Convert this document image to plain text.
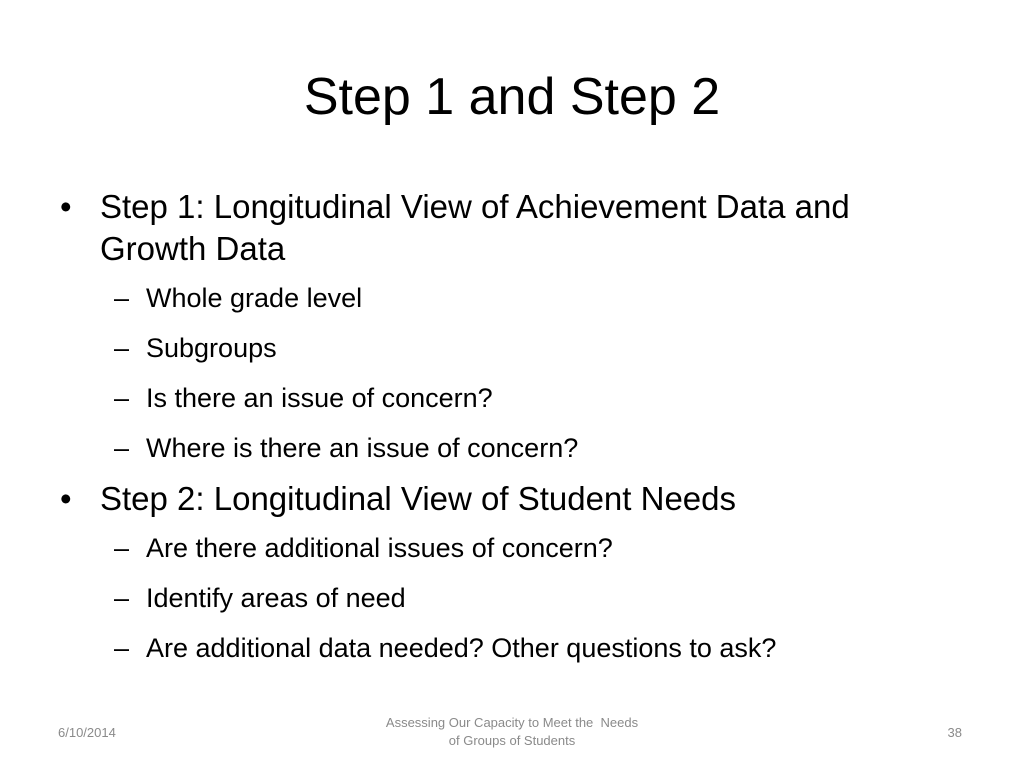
Step 1 and Step 2
• Step 1: Longitudinal View of Achievement Data and Growth Data
– Whole grade level
– Subgroups
– Is there an issue of concern?
– Where is there an issue of concern?
• Step 2: Longitudinal View of Student Needs
– Are there additional issues of concern?
– Identify areas of need
– Are additional data needed? Other questions to ask?
6/10/2014
Assessing Our Capacity to Meet the  Needs
of Groups of Students
38
